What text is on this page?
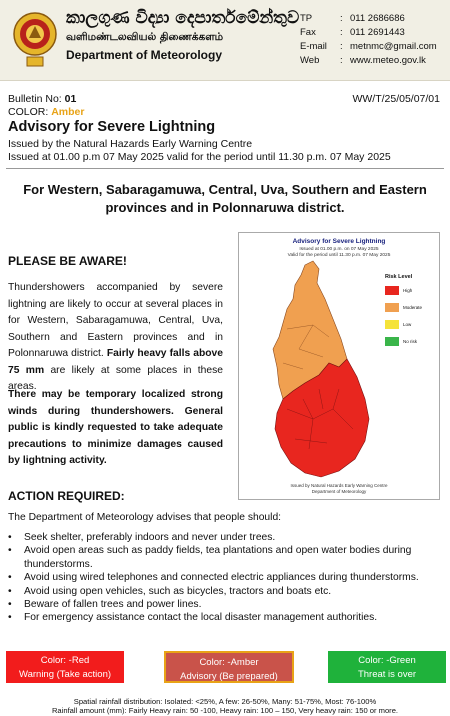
කාලගුණ විද්‍යා දෙපාර්තමේන්තුව
வளிமண்டலவியல் திணைக்களம்
Department of Meteorology
TP	: 011 2686686
Fax	: 011 2691443
E-mail	: metnmc@gmail.com
Web	: www.meteo.gov.lk
Bulletin No: 01	WW/T/25/05/07/01
COLOR: Amber
Advisory for Severe Lightning
Issued by the Natural Hazards Early Warning Centre
Issued at 01.00 p.m 07 May 2025 valid for the period until 11.30 p.m. 07 May 2025
For Western, Sabaragamuwa, Central, Uva, Southern and Eastern provinces and in Polonnaruwa district.
PLEASE BE AWARE!
Thundershowers accompanied by severe lightning are likely to occur at several places in for Western, Sabaragamuwa, Central, Uva, Southern and Eastern provinces and in Polonnaruwa district. Fairly heavy falls above 75 mm are likely at some places in these areas.
There may be temporary localized strong winds during thundershowers. General public is kindly requested to take adequate precautions to minimize damages caused by lightning activity.
Advisory for Severe Lightning
Issued at 01.00 p.m. on 07 May 2025
Valid for the period until 11.30 p.m. 07 May 2025
Risk Level
High
Moderate
Low
No risk
Issued by Natural Hazards Early Warning Centre
Department of Meteorology
ACTION REQUIRED:
The Department of Meteorology advises that people should:
• Seek shelter, preferably indoors and never under trees.
• Avoid open areas such as paddy fields, tea plantations and open water bodies during thunderstorms.
• Avoid using wired telephones and connected electric appliances during thunderstorms.
• Avoid using open vehicles, such as bicycles, tractors and boats etc.
• Beware of fallen trees and power lines.
• For emergency assistance contact the local disaster management authorities.
Color: -Red
Warning (Take action)
Color: -Amber
Advisory (Be prepared)
Color: -Green
Threat is over
Spatial rainfall distribution: Isolated: <25%, A few: 26-50%, Many: 51-75%, Most: 76-100%
Rainfall amount (mm): Fairly Heavy rain: 50 -100, Heavy rain: 100 – 150, Very heavy rain: 150 or more.
